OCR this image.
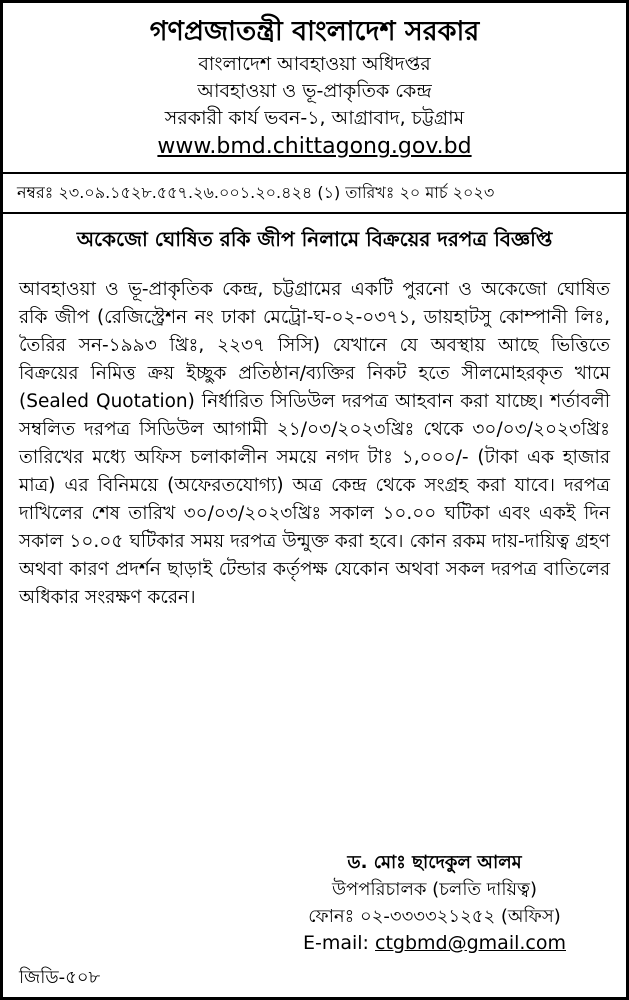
গণপ্রজাতন্ত্রী বাংলাদেশ সরকার
বাংলাদেশ আবহাওয়া অধিদপ্তর
আবহাওয়া ও ভূ-প্রাকৃতিক কেন্দ্র
সরকারী কার্য ভবন-১, আগ্রাবাদ, চট্টগ্রাম
www.bmd.chittagong.gov.bd
নম্বরঃ ২৩.০৯.১৫২৮.৫৫৭.২৬.০০১.২০.৪২৪ (১) তারিখঃ ২০ মার্চ ২০২৩
অকেজো ঘোষিত রকি জীপ নিলামে বিক্রয়ের দরপত্র বিজ্ঞপ্তি
আবহাওয়া ও ভূ-প্রাকৃতিক কেন্দ্র, চট্টগ্রামের একটি পুরনো ও অকেজো ঘোষিত রকি জীপ (রেজিস্ট্রেশন নং ঢাকা মেট্রো-ঘ-০২-০৩৭১, ডায়হাটসু কোম্পানী লিঃ, তৈরির সন-১৯৯৩ খ্রিঃ, ২২৩৭ সিসি) যেখানে যে অবস্থায় আছে ভিত্তিতে বিক্রয়ের নিমিত্ত ক্রয় ইচ্ছুক প্রতিষ্ঠান/ব্যক্তির নিকট হতে সীলমোহরকৃত খামে (Sealed Quotation) নির্ধারিত সিডিউল দরপত্র আহবান করা যাচ্ছে। শর্তাবলী সম্বলিত দরপত্র সিডিউল আগামী ২১/০৩/২০২৩খ্রিঃ থেকে ৩০/০৩/২০২৩খ্রিঃ তারিখের মধ্যে অফিস চলাকালীন সময়ে নগদ টাঃ ১,০০০/- (টাকা এক হাজার মাত্র) এর বিনিময়ে (অফেরতযোগ্য) অত্র কেন্দ্র থেকে সংগ্রহ করা যাবে। দরপত্র দাখিলের শেষ তারিখ ৩০/০৩/২০২৩খ্রিঃ সকাল ১০.০০ ঘটিকা এবং একই দিন সকাল ১০.০৫ ঘটিকার সময় দরপত্র উন্মুক্ত করা হবে। কোন রকম দায়-দায়িত্ব গ্রহণ অথবা কারণ প্রদর্শন ছাড়াই টেন্ডার কর্তৃপক্ষ যেকোন অথবা সকল দরপত্র বাতিলের অধিকার সংরক্ষণ করেন।
ড. মোঃ ছাদেকুল আলম
উপপরিচালক (চলতি দায়িত্ব)
ফোনঃ ০২-৩৩৩৩২১২৫২ (অফিস)
E-mail: ctgbmd@gmail.com
জিডি-৫০৮
